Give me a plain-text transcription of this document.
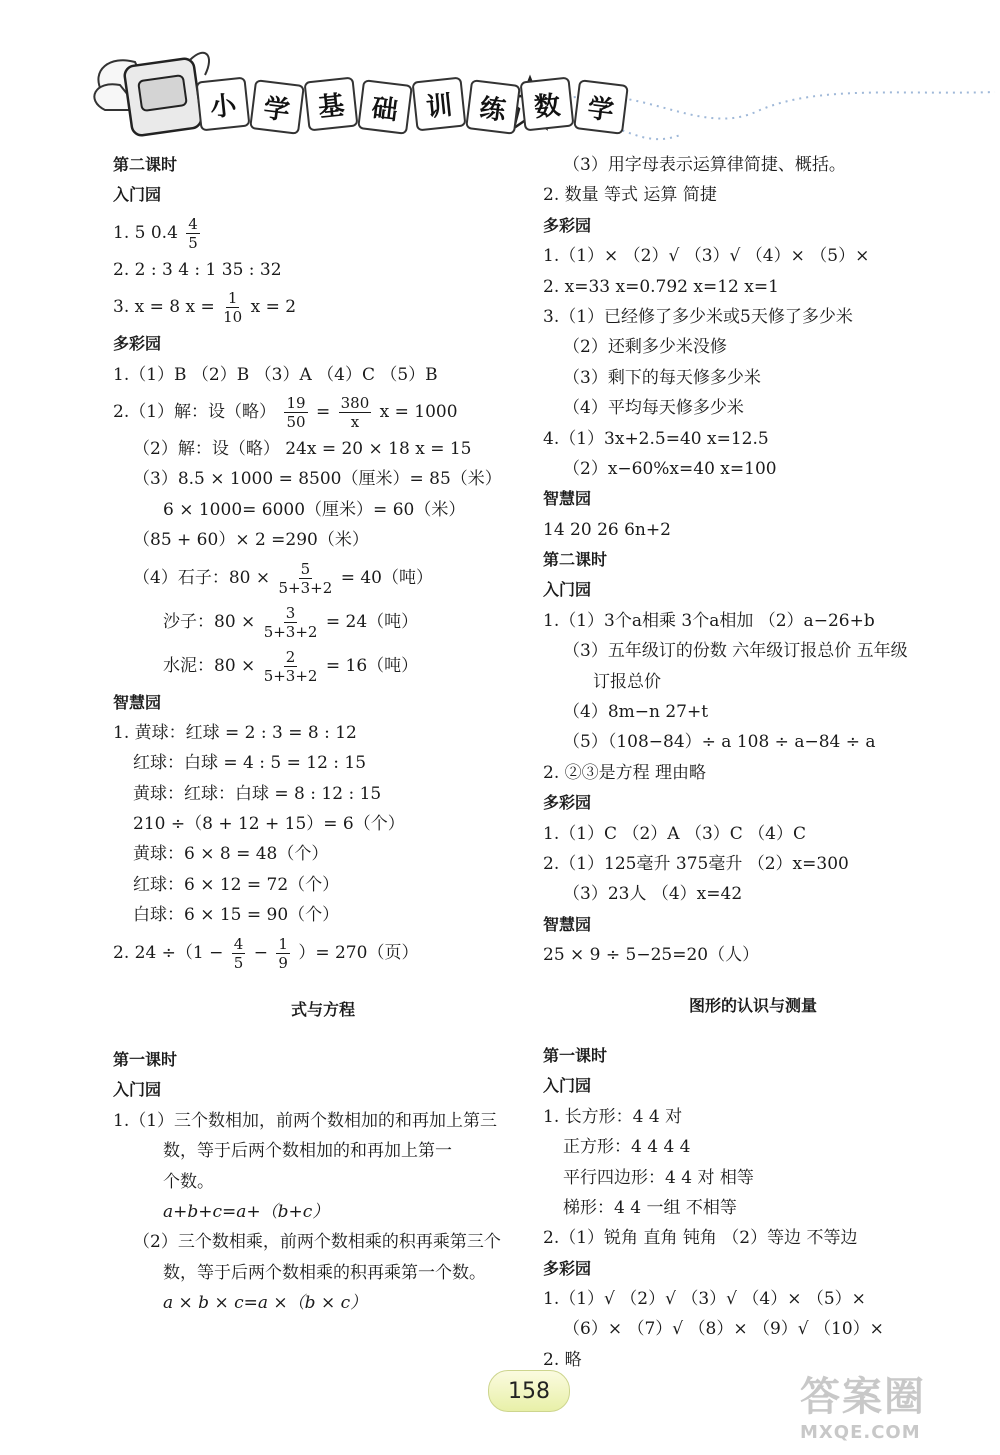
小 学 基 础 训 练 数 学
第二课时
入门园
1. 5 $0.4 \frac{4}{5}$
2. 2 : 3 4 : 1 35 : 32
3. x = 8 $x = \frac{1}{10}$ x = 2
多彩园
1.（1）B （2）B （3）A （4）C （5）B
2.（1）解：设（略） $\frac{19}{50} = \frac{380}{x}$ x = 1000
（2）解：设（略） 24x = 20 × 18 x = 15
（3）8.5 × 1000 = 8500（厘米）= 85（米）
6 × 1000= 6000（厘米）= 60（米）
（85 + 60）× 2 =290（米）
（4）石子：$80 \times \frac{5}{5+3+2} = 40$（吨）
沙子：$80 \times \frac{3}{5+3+2} = 24$（吨）
水泥：$80 \times \frac{2}{5+3+2} = 16$（吨）
智慧园
1. 黄球：红球 = 2 : 3 = 8 : 12
红球：白球 = 4 : 5 = 12 : 15
黄球：红球：白球 = 8 : 12 : 15
210 ÷（8 + 12 + 15）= 6（个）
黄球：6 × 8 = 48（个）
红球：6 × 12 = 72（个）
白球：6 × 15 = 90（个）
2. $24 \div(1 - \frac{4}{5} - \frac{1}{9}$ ）= 270（页）
式与方程
第一课时
入门园
1.（1）三个数相加，前两个数相加的和再加上第三
数，等于后两个数相加的和再加上第一
个数。
a+b+c=a+（b+c）
（2）三个数相乘，前两个数相乘的积再乘第三个
数，等于后两个数相乘的积再乘第一个数。
a × b × c=a ×（b × c）
（3）用字母表示运算律简捷、概括。
2. 数量 等式 运算 简捷
多彩园
1.（1）× （2）√ （3）√ （4）× （5）×
2. x=33 x=0.792 x=12 x=1
3.（1）已经修了多少米或5天修了多少米
（2）还剩多少米没修
（3）剩下的每天修多少米
（4）平均每天修多少米
4.（1）3x+2.5=40 x=12.5
（2）x−60%x=40 x=100
智慧园
14 20 26 6n+2
第二课时
入门园
1.（1）3个a相乘 3个a相加 （2）a−26+b
（3）五年级订的份数 六年级订报总价 五年级
订报总价
（4）8m−n 27+t
（5）（108−84）÷ a 108 ÷ a−84 ÷ a
2. ②③是方程 理由略
多彩园
1.（1）C （2）A （3）C （4）C
2.（1）125毫升 375毫升 （2）x=300
（3）23人 （4）x=42
智慧园
25 × 9 ÷ 5−25=20（人）
图形的认识与测量
第一课时
入门园
1. 长方形：4 4 对
正方形：4 4 4 4
平行四边形：4 4 对 相等
梯形：4 4 一组 不相等
2.（1）锐角 直角 钝角 （2）等边 不等边
多彩园
1.（1）√ （2）√ （3）√ （4）× （5）×
（6）× （7）√ （8）× （9）√ （10）×
2. 略
158	答案圈
MXQE.COM
